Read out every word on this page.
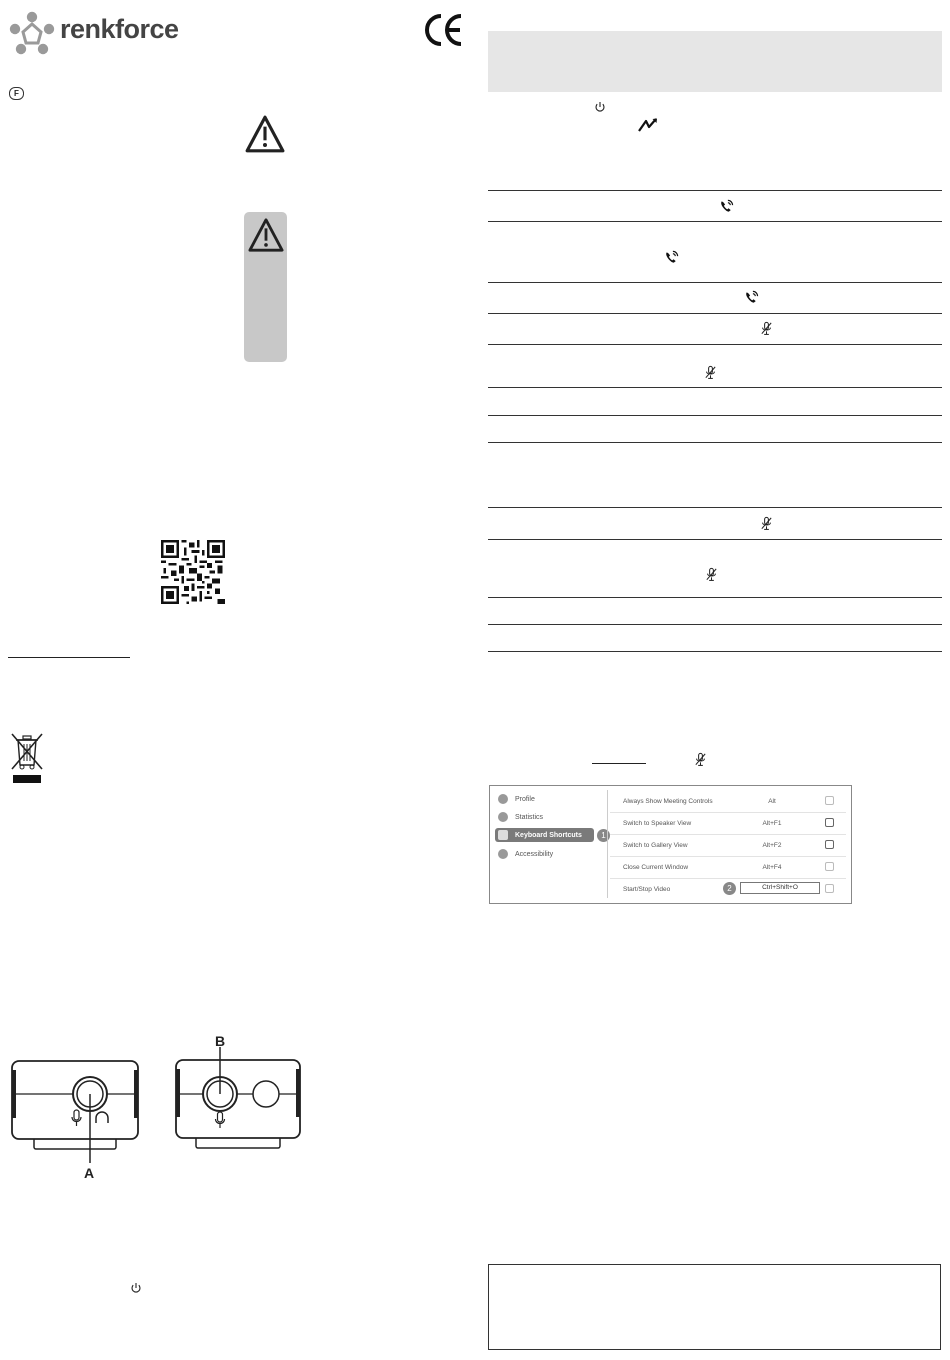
renkforce
F
A
B
Profile
Statistics
Keyboard Shortcuts
Accessibility
1
Always Show Meeting Controls	Alt
Switch to Speaker View	Alt+F1
Switch to Gallery View	Alt+F2
Close Current Window	Alt+F4
Start/Stop Video	2	Ctrl+Shift+O
